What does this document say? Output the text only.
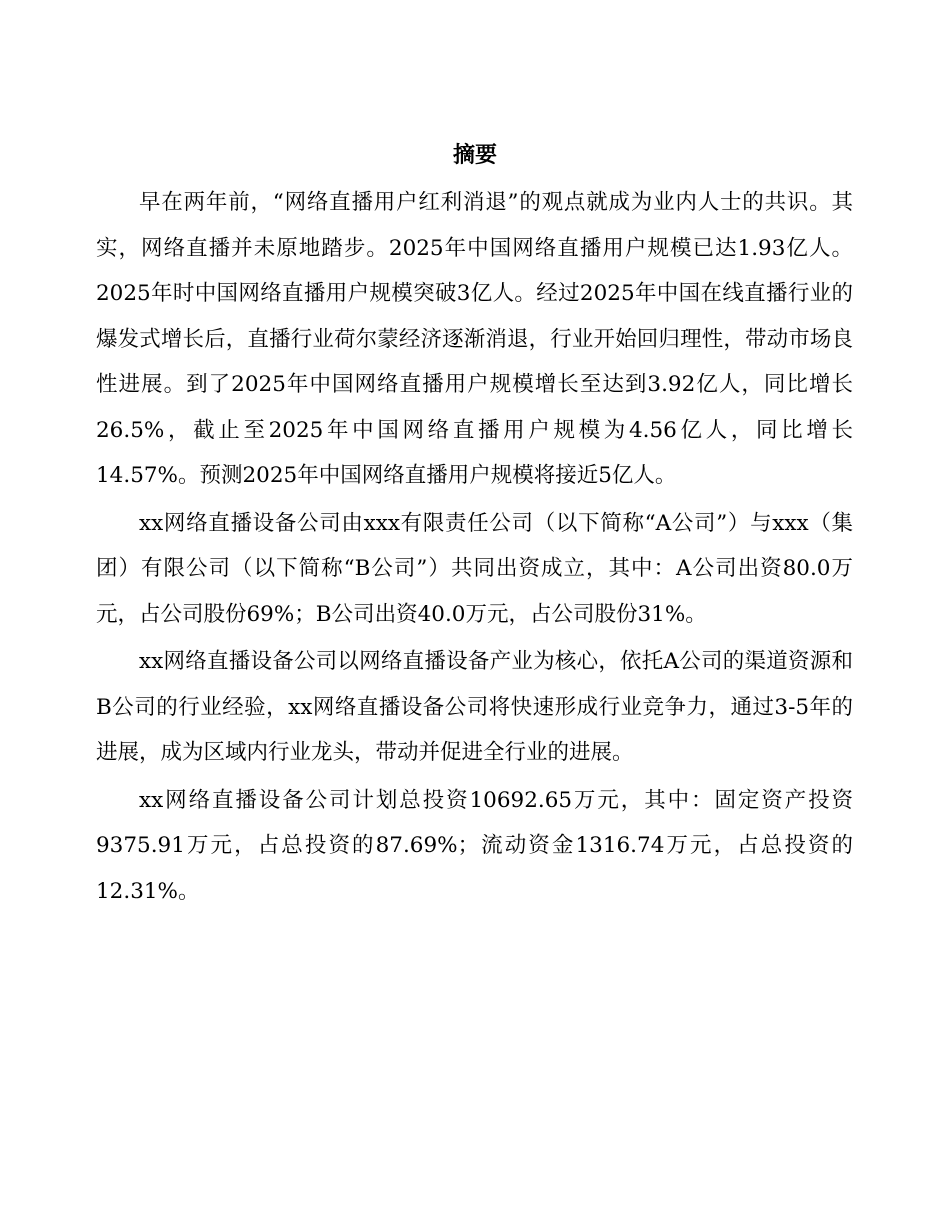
摘要

早在两年前，“网络直播用户红利消退”的观点就成为业内人士的共识。其实，网络直播并未原地踏步。2025年中国网络直播用户规模已达1.93亿人。2025年时中国网络直播用户规模突破3亿人。经过2025年中国在线直播行业的爆发式增长后，直播行业荷尔蒙经济逐渐消退，行业开始回归理性，带动市场良性进展。到了2025年中国网络直播用户规模增长至达到3.92亿人，同比增长26.5%，截止至2025年中国网络直播用户规模为4.56亿人，同比增长14.57%。预测2025年中国网络直播用户规模将接近5亿人。

xx网络直播设备公司由xxx有限责任公司（以下简称“A公司”）与xxx（集团）有限公司（以下简称“B公司”）共同出资成立，其中：A公司出资80.0万元，占公司股份69%；B公司出资40.0万元，占公司股份31%。

xx网络直播设备公司以网络直播设备产业为核心，依托A公司的渠道资源和B公司的行业经验，xx网络直播设备公司将快速形成行业竞争力，通过3-5年的进展，成为区域内行业龙头，带动并促进全行业的进展。

xx网络直播设备公司计划总投资10692.65万元，其中：固定资产投资9375.91万元，占总投资的87.69%；流动资金1316.74万元，占总投资的12.31%。
